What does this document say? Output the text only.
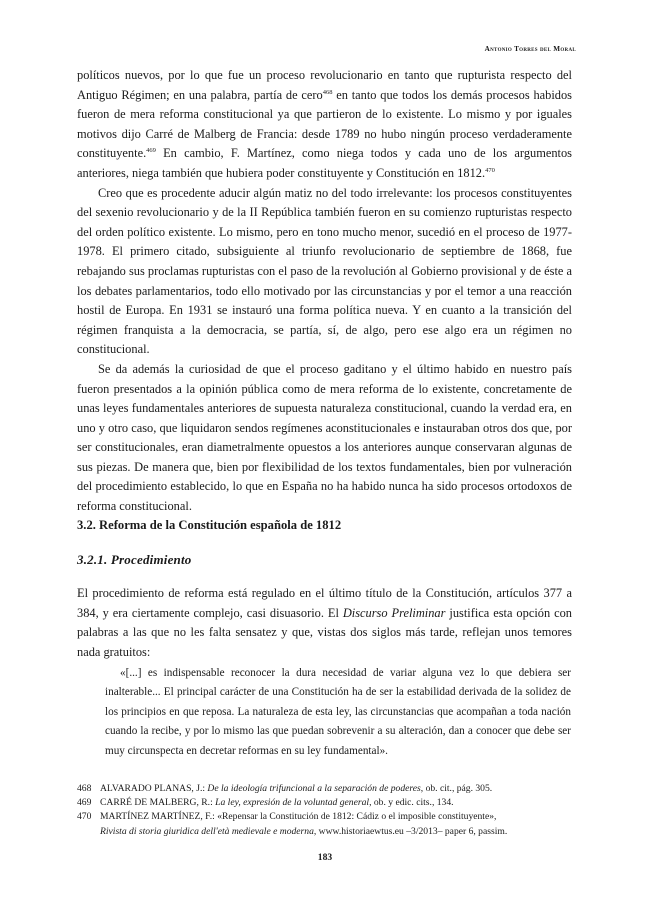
Antonio Torres del Moral

políticos nuevos, por lo que fue un proceso revolucionario en tanto que rupturista respecto del Antiguo Régimen; en una palabra, partía de cero$^{468}$ en tanto que todos los demás procesos habidos fueron de mera reforma constitucional ya que partieron de lo existente. Lo mismo y por iguales motivos dijo Carré de Malberg de Francia: desde 1789 no hubo ningún proceso verdaderamente constituyente.$^{469}$ En cambio, F. Martínez, como niega todos y cada uno de los argumentos anteriores, niega también que hubiera poder constituyente y Constitución en 1812.$^{470}$

Creo que es procedente aducir algún matiz no del todo irrelevante: los procesos constituyentes del sexenio revolucionario y de la II República también fueron en su comienzo rupturistas respecto del orden político existente. Lo mismo, pero en tono mucho menor, sucedió en el proceso de 1977-1978. El primero citado, subsiguiente al triunfo revolucionario de septiembre de 1868, fue rebajando sus proclamas rupturistas con el paso de la revolución al Gobierno provisional y de éste a los debates parlamentarios, todo ello motivado por las circunstancias y por el temor a una reacción hostil de Europa. En 1931 se instauró una forma política nueva. Y en cuanto a la transición del régimen franquista a la democracia, se partía, sí, de algo, pero ese algo era un régimen no constitucional.

Se da además la curiosidad de que el proceso gaditano y el último habido en nuestro país fueron presentados a la opinión pública como de mera reforma de lo existente, concretamente de unas leyes fundamentales anteriores de supuesta naturaleza constitucional, cuando la verdad era, en uno y otro caso, que liquidaron sendos regímenes aconstitucionales e instauraban otros dos que, por ser constitucionales, eran diametralmente opuestos a los anteriores aunque conservaran algunas de sus piezas. De manera que, bien por flexibilidad de los textos fundamentales, bien por vulneración del procedimiento establecido, lo que en España no ha habido nunca ha sido procesos ortodoxos de reforma constitucional.

3.2. Reforma de la Constitución española de 1812
3.2.1. Procedimiento
El procedimiento de reforma está regulado en el último título de la Constitución, artículos 377 a 384, y era ciertamente complejo, casi disuasorio. El Discurso Preliminar justifica esta opción con palabras a las que no les falta sensatez y que, vistas dos siglos más tarde, reflejan unos temores nada gratuitos:

«[...] es indispensable reconocer la dura necesidad de variar alguna vez lo que debiera ser inalterable... El principal carácter de una Constitución ha de ser la estabilidad derivada de la solidez de los principios en que reposa. La naturaleza de esta ley, las circunstancias que acompañan a toda nación cuando la recibe, y por lo mismo las que puedan sobrevenir a su alteración, dan a conocer que debe ser muy circunspecta en decretar reformas en su ley fundamental».

468 ALVARADO PLANAS, J.: De la ideología trifuncional a la separación de poderes, ob. cit., pág. 305.
469 CARRÉ DE MALBERG, R.: La ley, expresión de la voluntad general, ob. y edic. cits., 134.
470 MARTÍNEZ MARTÍNEZ, F.: «Repensar la Constitución de 1812: Cádiz o el imposible constituyente»,
Rivista di storia giuridica dell'età medievale e moderna, www.historiaewtus.eu –3/2013– paper 6, passim.
183
